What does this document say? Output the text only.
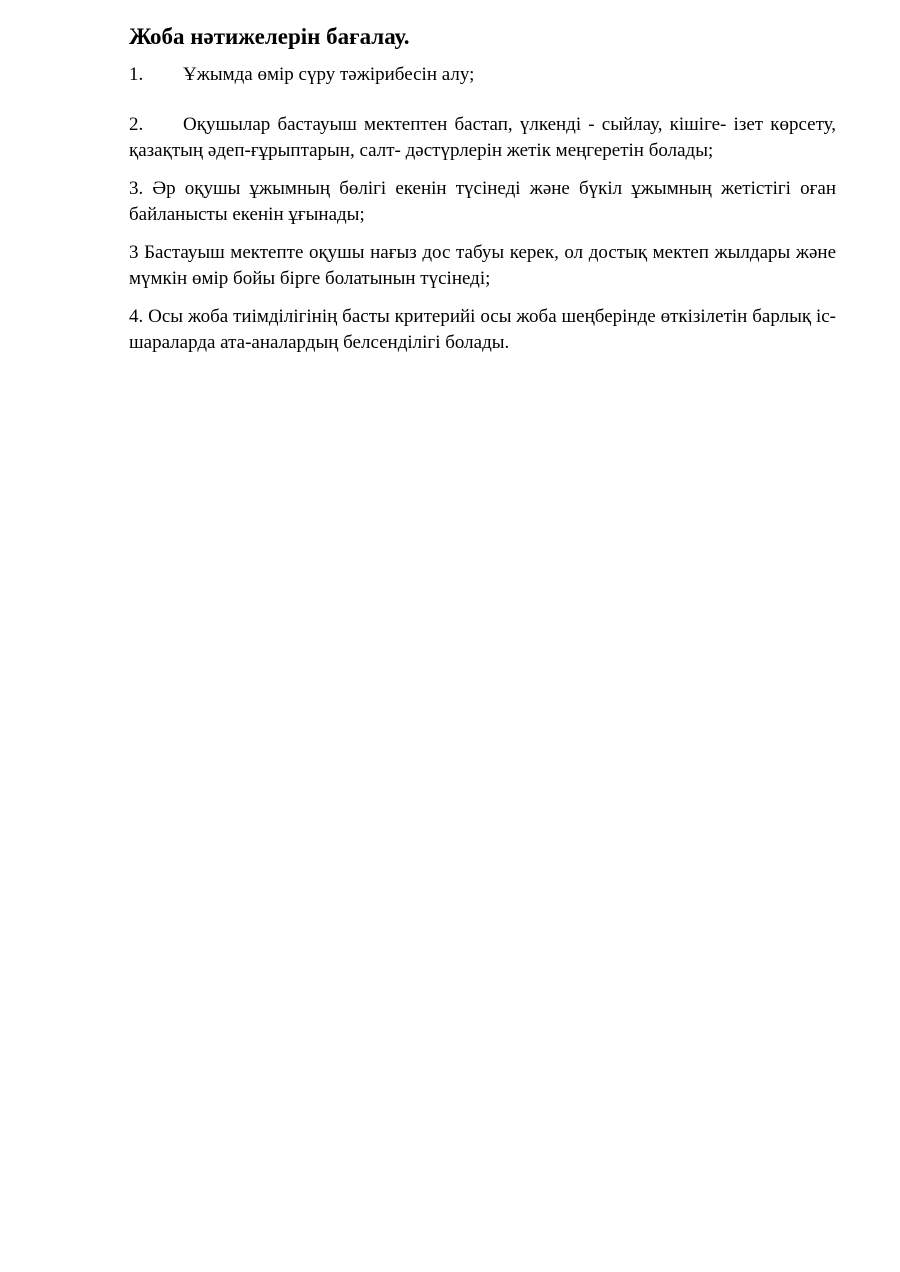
Жоба нәтижелерін бағалау.

1. Ұжымда өмір сүру тәжірибесін алу;

2. Оқушылар бастауыш мектептен бастап, үлкенді - сыйлау, кішіге- ізет көрсету, қазақтың әдеп-ғұрыптарын, салт- дәстүрлерін жетік меңгеретін болады;

3. Әр оқушы ұжымның бөлігі екенін түсінеді және бүкіл ұжымның жетістігі оған байланысты екенін ұғынады;

3 Бастауыш мектепте оқушы нағыз дос табуы керек, ол достық мектеп жылдары және мүмкін өмір бойы бірге болатынын түсінеді;

4. Осы жоба тиімділігінің басты критерийі осы жоба шеңберінде өткізілетін барлық іс-шараларда ата-аналардың белсенділігі болады.
